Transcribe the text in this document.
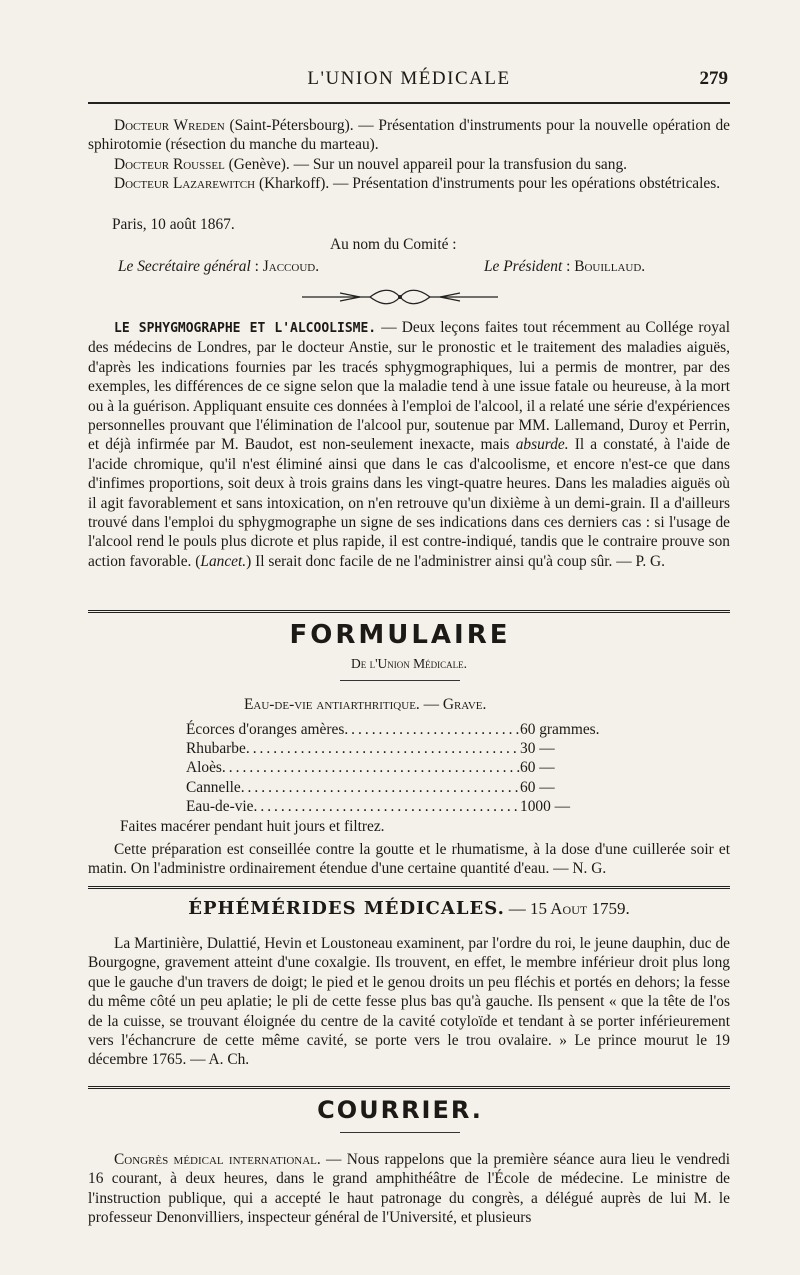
L'UNION MÉDICALE	279

Docteur Wreden (Saint-Pétersbourg). — Présentation d'instruments pour la nouvelle opération de sphirotomie (résection du manche du marteau).

Docteur Roussel (Genève). — Sur un nouvel appareil pour la transfusion du sang.

Docteur Lazarewitch (Kharkoff). — Présentation d'instruments pour les opérations obstétricales.

Paris, 10 août 1867.
Au nom du Comité :
Le Secrétaire général : Jaccoud.	Le Président : Bouillaud.

LE SPHYGMOGRAPHE ET L'ALCOOLISME. — Deux leçons faites tout récemment au Collége royal des médecins de Londres, par le docteur Anstie, sur le pronostic et le traitement des maladies aiguës, d'après les indications fournies par les tracés sphygmographiques, lui a permis de montrer, par des exemples, les différences de ce signe selon que la maladie tend à une issue fatale ou heureuse, à la mort ou à la guérison. Appliquant ensuite ces données à l'emploi de l'alcool, il a relaté une série d'expériences personnelles prouvant que l'élimination de l'alcool pur, soutenue par MM. Lallemand, Duroy et Perrin, et déjà infirmée par M. Baudot, est non-seulement inexacte, mais absurde. Il a constaté, à l'aide de l'acide chromique, qu'il n'est éliminé ainsi que dans le cas d'alcoolisme, et encore n'est-ce que dans d'infimes proportions, soit deux à trois grains dans les vingt-quatre heures. Dans les maladies aiguës où il agit favorablement et sans intoxication, on n'en retrouve qu'un dixième à un demi-grain. Il a d'ailleurs trouvé dans l'emploi du sphygmographe un signe de ses indications dans ces derniers cas : si l'usage de l'alcool rend le pouls plus dicrote et plus rapide, il est contre-indiqué, tandis que le contraire prouve son action favorable. (Lancet.) Il serait donc facile de ne l'administrer ainsi qu'à coup sûr. — P. G.

FORMULAIRE
De l'Union Médicale.
Eau-de-vie antiarthritique. — Grave.
Écorces d'oranges amères .....	60 grammes.
Rhubarbe .....	30 —
Aloès .....	60 —
Cannelle .....	60 —
Eau-de-vie .....	1000 —
Faites macérer pendant huit jours et filtrez.

Cette préparation est conseillée contre la goutte et le rhumatisme, à la dose d'une cuillerée soir et matin. On l'administre ordinairement étendue d'une certaine quantité d'eau. — N. G.

ÉPHÉMÉRIDES MÉDICALES. — 15 Aout 1759.

La Martinière, Dulattié, Hevin et Loustoneau examinent, par l'ordre du roi, le jeune dauphin, duc de Bourgogne, gravement atteint d'une coxalgie. Ils trouvent, en effet, le membre inférieur droit plus long que le gauche d'un travers de doigt; le pied et le genou droits un peu fléchis et portés en dehors; la fesse du même côté un peu aplatie; le pli de cette fesse plus bas qu'à gauche. Ils pensent « que la tête de l'os de la cuisse, se trouvant éloignée du centre de la cavité cotyloïde et tendant à se porter inférieurement vers l'échancrure de cette même cavité, se porte vers le trou ovalaire. » Le prince mourut le 19 décembre 1765. — A. Ch.

COURRIER.

Congrès médical international. — Nous rappelons que la première séance aura lieu le vendredi 16 courant, à deux heures, dans le grand amphithéâtre de l'École de médecine. Le ministre de l'instruction publique, qui a accepté le haut patronage du congrès, a délégué auprès de lui M. le professeur Denonvilliers, inspecteur général de l'Université, et plusieurs
